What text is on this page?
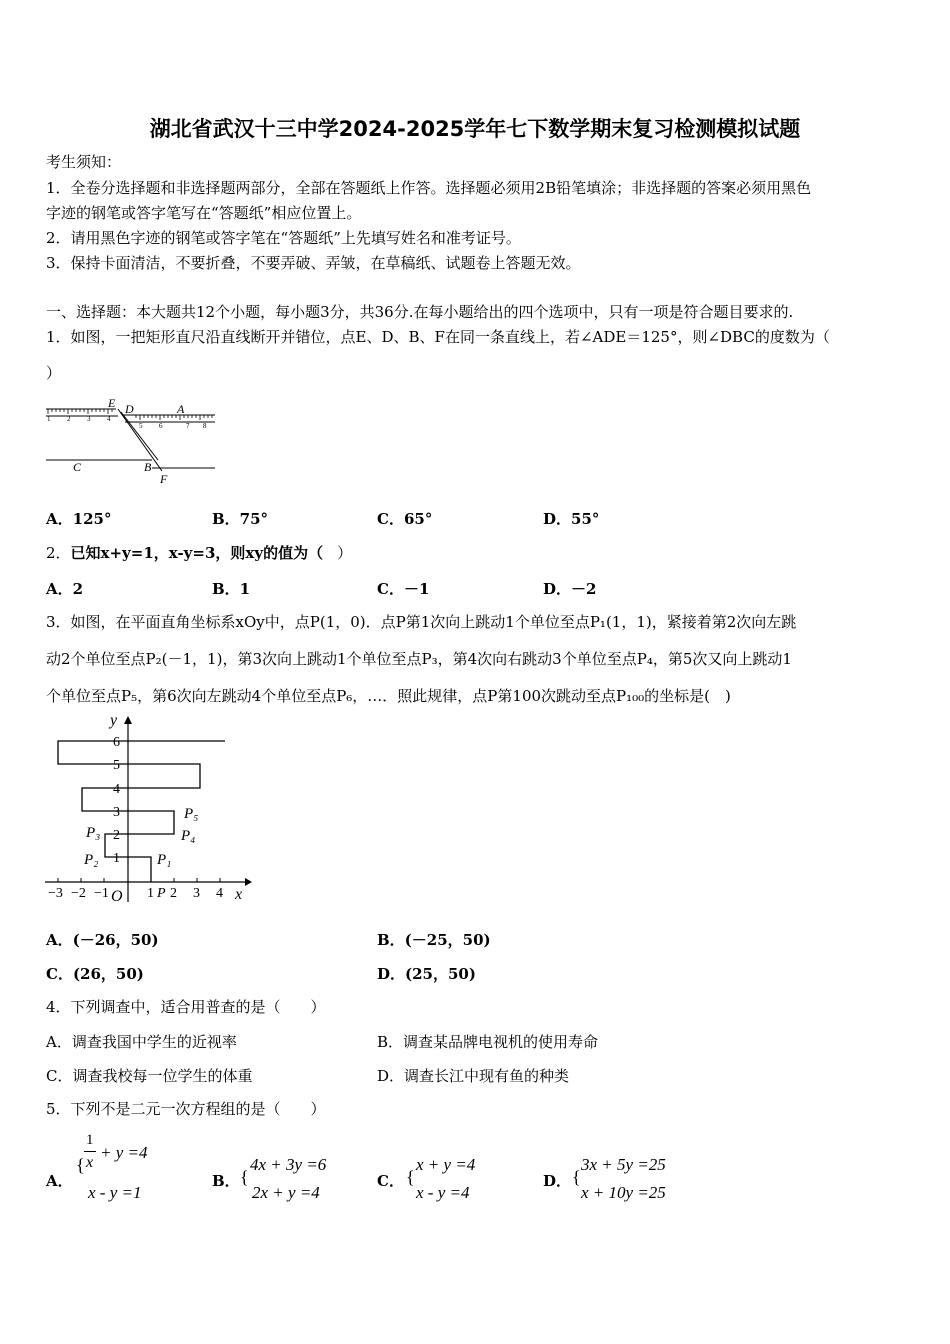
湖北省武汉十三中学2024-2025学年七下数学期末复习检测模拟试题
考生须知：
1．全卷分选择题和非选择题两部分，全部在答题纸上作答。选择题必须用2B铅笔填涂；非选择题的答案必须用黑色
字迹的钢笔或答字笔写在“答题纸”相应位置上。
2．请用黑色字迹的钢笔或答字笔在“答题纸”上先填写姓名和准考证号。
3．保持卡面清洁，不要折叠，不要弄破、弄皱，在草稿纸、试题卷上答题无效。
一、选择题：本大题共12个小题，每小题3分，共36分.在每小题给出的四个选项中，只有一项是符合题目要求的.
1．如图，一把矩形直尺沿直线断开并错位，点E、D、B、F在同一条直线上，若∠ADE＝125°，则∠DBC的度数为（
）
1 2 3 4
5 6	7 8
E D	A
C	B
F
A．125°	B．75°	C．65°	D．55°
2．已知x+y=1，x-y=3，则xy的值为（ ）
A．2	B．1	C．－1	D．－2
3．如图，在平面直角坐标系xOy中，点P(1，0)．点P第1次向上跳动1个单位至点P₁(1，1)，紧接着第2次向左跳
动2个单位至点P₂(－1，1)，第3次向上跳动1个单位至点P₃，第4次向右跳动3个单位至点P₄，第5次又向上跳动1
个单位至点P₅，第6次向左跳动4个单位至点P₆，…．照此规律，点P第100次跳动至点P₁₀₀的坐标是(　)
−3 −2 −1	1 2 3 4
1
2
3
4
5
6
O P	x
y
P₁
P₂
P₃	P₄
P₅
A．(－26，50)	B．(－25，50)
C．(26，50)	D．(25，50)
4．下列调查中，适合用普查的是（　　）
A．调查我国中学生的近视率	B．调查某品牌电视机的使用寿命
C．调查我校每一位学生的体重	D．调查长江中现有鱼的种类
5．下列不是二元一次方程组的是（　　）
A．
{
1
x
+ y =4
x - y =1
B． {
4x + 3y =6
2x + y =4
C． {
x + y =4
x - y =4
D． {
3x + 5y =25
x + 10y =25
